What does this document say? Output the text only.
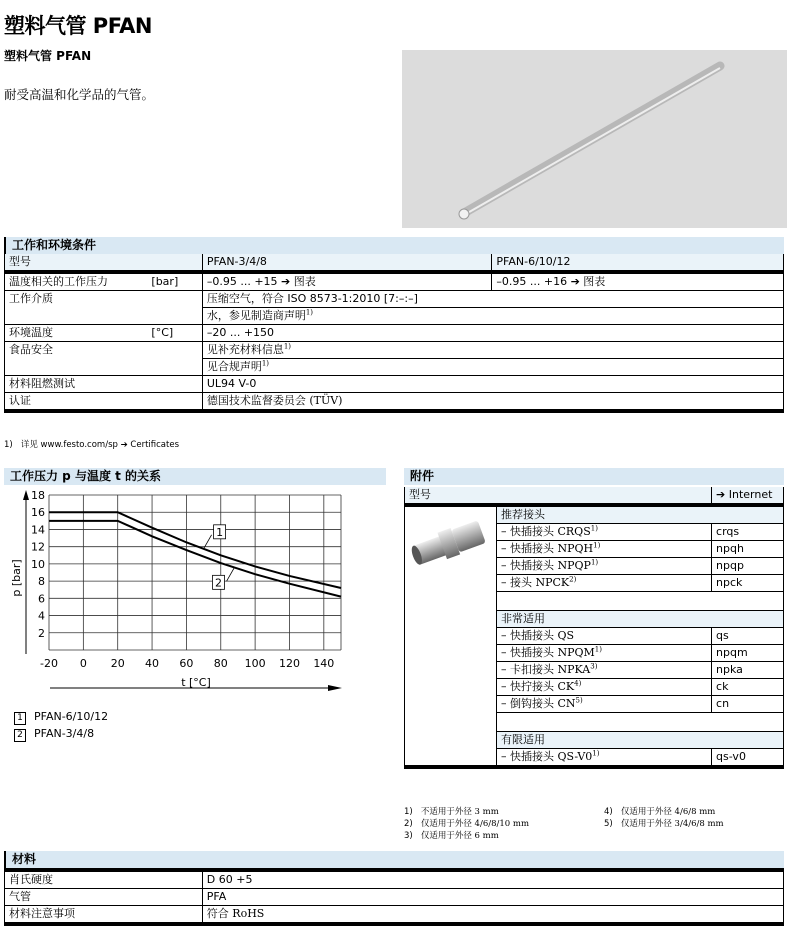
塑料气管 PFAN
塑料气管 PFAN
耐受高温和化学品的气管。
工作和环境条件
型号		PFAN-3/4/8	PFAN-6/10/12
温度相关的工作压力	[bar]	–0.95 ... +15 ➔ 图表	–0.95 ... +16 ➔ 图表
工作介质		压缩空气，符合 ISO 8573-1:2010 [7:–:–]	
		水，参见制造商声明$^{1)}$
环境温度	[°C]	–20 ... +150	
食品安全		见补充材料信息$^{1)}$
		见合规声明$^{1)}$
材料阻燃测试		UL94 V-0	
认证		德国技术监督委员会 (TÜV)	
1) 详见 www.festo.com/sp ➔ Certificates
工作压力 p 与温度 t 的关系
-20 0 20 40 60 80 100 120 140
2
4
6
8
10
12
14
16
18
t [°C]
p [bar]
1
2
1 PFAN-6/10/12
2 PFAN-3/4/8
附件
型号		➔ Internet
	推荐接头	
	– 快插接头 CRQS$^{1)}$	crqs
	– 快插接头 NPQH$^{1)}$	npqh
	– 快插接头 NPQP$^{1)}$	npqp
	– 接头 NPCK$^{2)}$	npck

	非常适用	
	– 快插接头 QS	qs
	– 快插接头 NPQM$^{1)}$	npqm
	– 卡扣接头 NPKA$^{3)}$	npka
	– 快拧接头 CK$^{4)}$	ck
	– 倒钩接头 CN$^{5)}$	cn

	有限适用	
	– 快插接头 QS-V0$^{1)}$	qs-v0
1) 不适用于外径 3 mm
2) 仅适用于外径 4/6/8/10 mm
3) 仅适用于外径 6 mm
4) 仅适用于外径 4/6/8 mm
5) 仅适用于外径 3/4/6/8 mm
材料
肖氏硬度	D 60 +5
气管	PFA
材料注意事项	符合 RoHS
